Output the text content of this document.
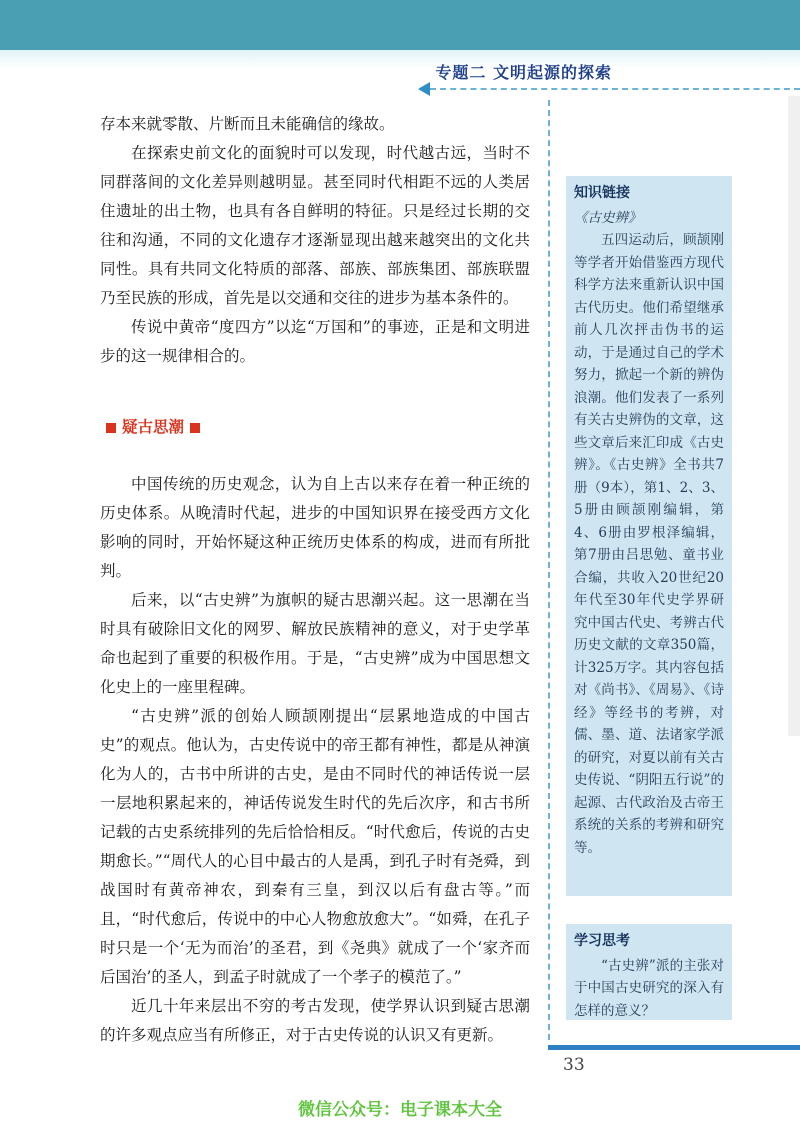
专题二 文明起源的探索

存本来就零散、片断而且未能确信的缘故。

在探索史前文化的面貌时可以发现，时代越古远，当时不同群落间的文化差异则越明显。甚至同时代相距不远的人类居住遗址的出土物，也具有各自鲜明的特征。只是经过长期的交往和沟通，不同的文化遗存才逐渐显现出越来越突出的文化共同性。具有共同文化特质的部落、部族、部族集团、部族联盟乃至民族的形成，首先是以交通和交往的进步为基本条件的。

传说中黄帝“度四方”以迄“万国和”的事迹，正是和文明进步的这一规律相合的。

疑古思潮

中国传统的历史观念，认为自上古以来存在着一种正统的历史体系。从晚清时代起，进步的中国知识界在接受西方文化影响的同时，开始怀疑这种正统历史体系的构成，进而有所批判。

后来，以“古史辨”为旗帜的疑古思潮兴起。这一思潮在当时具有破除旧文化的网罗、解放民族精神的意义，对于史学革命也起到了重要的积极作用。于是，“古史辨”成为中国思想文化史上的一座里程碑。

“古史辨”派的创始人顾颉刚提出“层累地造成的中国古史”的观点。他认为，古史传说中的帝王都有神性，都是从神演化为人的，古书中所讲的古史，是由不同时代的神话传说一层一层地积累起来的，神话传说发生时代的先后次序，和古书所记载的古史系统排列的先后恰恰相反。“时代愈后，传说的古史期愈长。”“周代人的心目中最古的人是禹，到孔子时有尧舜，到战国时有黄帝神农，到秦有三皇，到汉以后有盘古等。”而且，“时代愈后，传说中的中心人物愈放愈大”。“如舜，在孔子时只是一个‘无为而治’的圣君，到《尧典》就成了一个‘家齐而后国治’的圣人，到孟子时就成了一个孝子的模范了。”

近几十年来层出不穷的考古发现，使学界认识到疑古思潮的许多观点应当有所修正，对于古史传说的认识又有更新。

知识链接
《古史辨》

五四运动后，顾颉刚等学者开始借鉴西方现代科学方法来重新认识中国古代历史。他们希望继承前人几次抨击伪书的运动，于是通过自己的学术努力，掀起一个新的辨伪浪潮。他们发表了一系列有关古史辨伪的文章，这些文章后来汇印成《古史辨》。《古史辨》全书共7册（9本），第1、2、3、5册由顾颉刚编辑，第4、6册由罗根泽编辑，第7册由吕思勉、童书业合编，共收入20世纪20年代至30年代史学界研究中国古代史、考辨古代历史文献的文章350篇，计325万字。其内容包括对《尚书》、《周易》、《诗经》等经书的考辨，对儒、墨、道、法诸家学派的研究，对夏以前有关古史传说、“阴阳五行说”的起源、古代政治及古帝王系统的关系的考辨和研究等。

学习思考

“古史辨”派的主张对于中国古史研究的深入有怎样的意义？

33
微信公众号：电子课本大全
